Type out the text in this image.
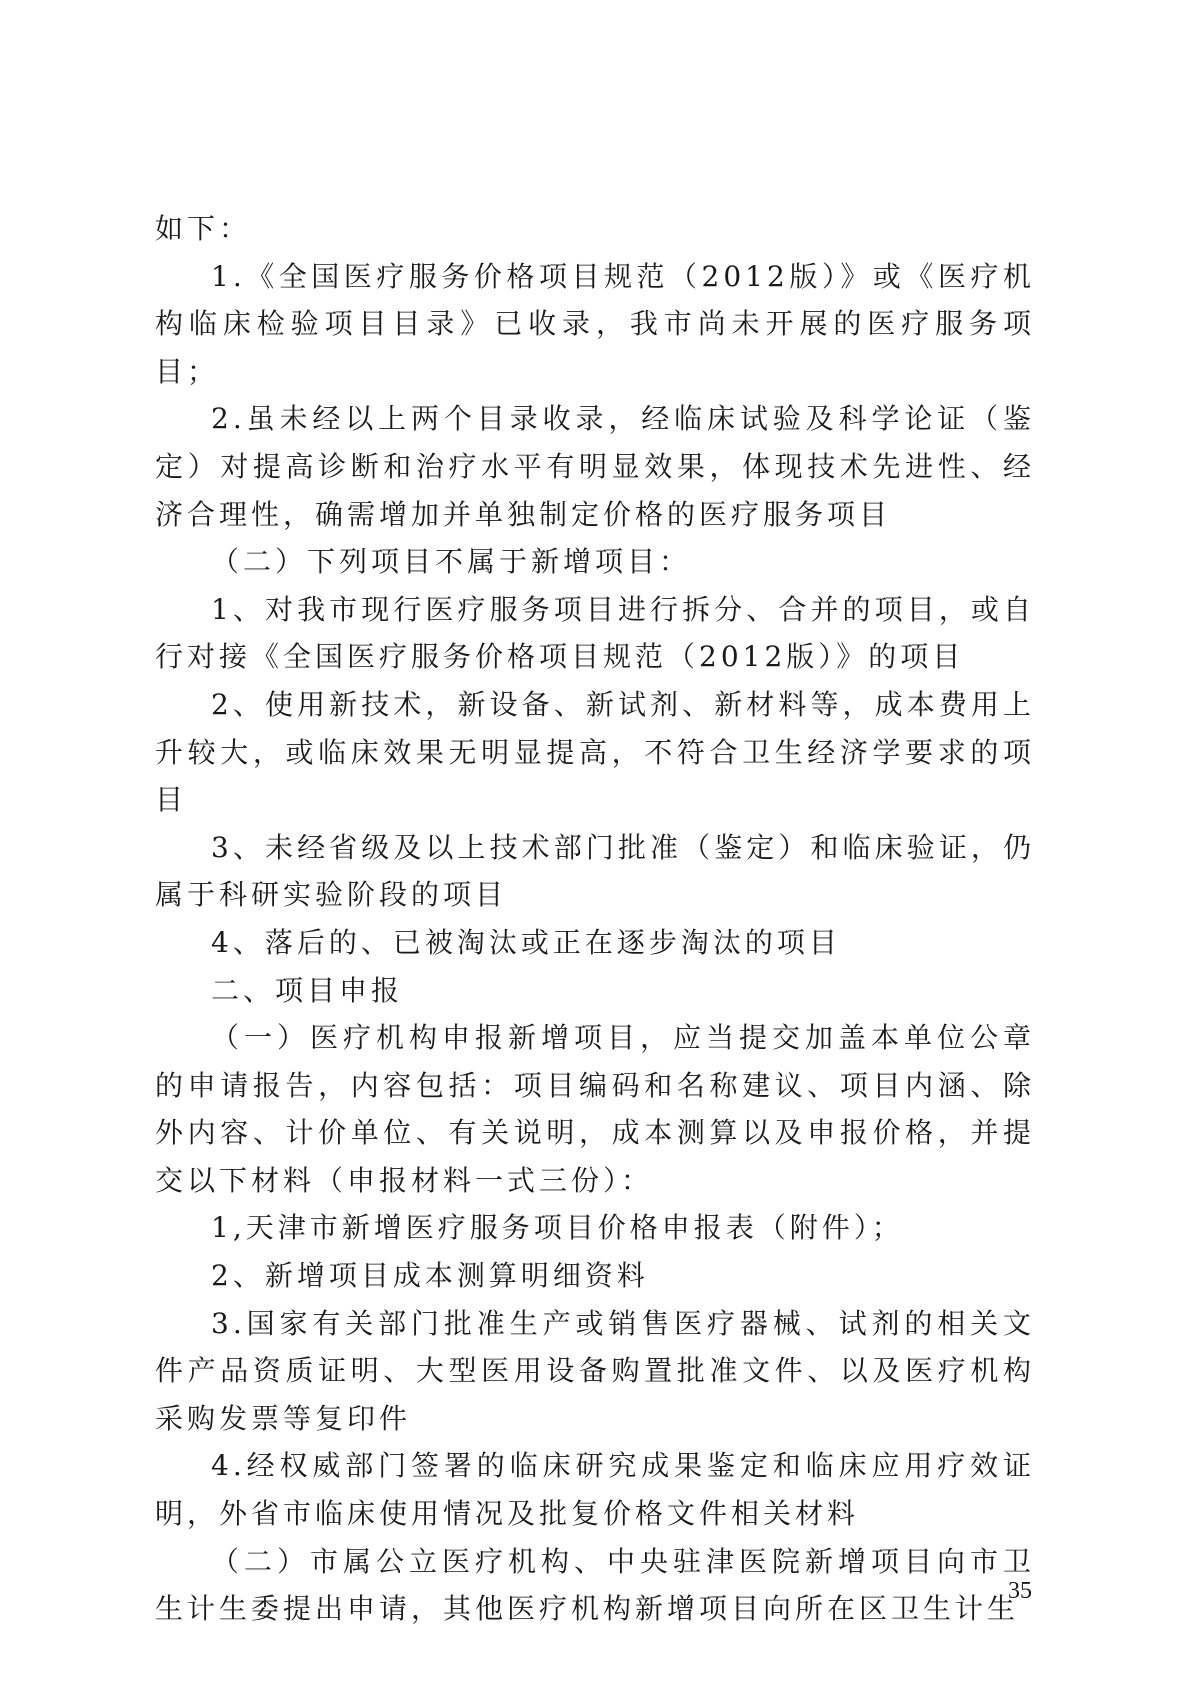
如下：

1.《全国医疗服务价格项目规范（2012版）》或《医疗机构临床检验项目目录》已收录，我市尚未开展的医疗服务项目；

2.虽未经以上两个目录收录，经临床试验及科学论证（鉴定）对提高诊断和治疗水平有明显效果，体现技术先进性、经济合理性，确需增加并单独制定价格的医疗服务项目

（二）下列项目不属于新增项目：

1、对我市现行医疗服务项目进行拆分、合并的项目，或自行对接《全国医疗服务价格项目规范（2012版）》的项目

2、使用新技术，新设备、新试剂、新材料等，成本费用上升较大，或临床效果无明显提高，不符合卫生经济学要求的项目

3、未经省级及以上技术部门批准（鉴定）和临床验证，仍属于科研实验阶段的项目

4、落后的、已被淘汰或正在逐步淘汰的项目

二、项目申报

（一）医疗机构申报新增项目，应当提交加盖本单位公章的申请报告，内容包括：项目编码和名称建议、项目内涵、除外内容、计价单位、有关说明，成本测算以及申报价格，并提交以下材料（申报材料一式三份）：

1,天津市新增医疗服务项目价格申报表（附件）；

2、新增项目成本测算明细资料

3.国家有关部门批准生产或销售医疗器械、试剂的相关文件产品资质证明、大型医用设备购置批准文件、以及医疗机构采购发票等复印件

4.经权威部门签署的临床研究成果鉴定和临床应用疗效证明，外省市临床使用情况及批复价格文件相关材料

（二）市属公立医疗机构、中央驻津医院新增项目向市卫生计生委提出申请，其他医疗机构新增项目向所在区卫生计生

35
